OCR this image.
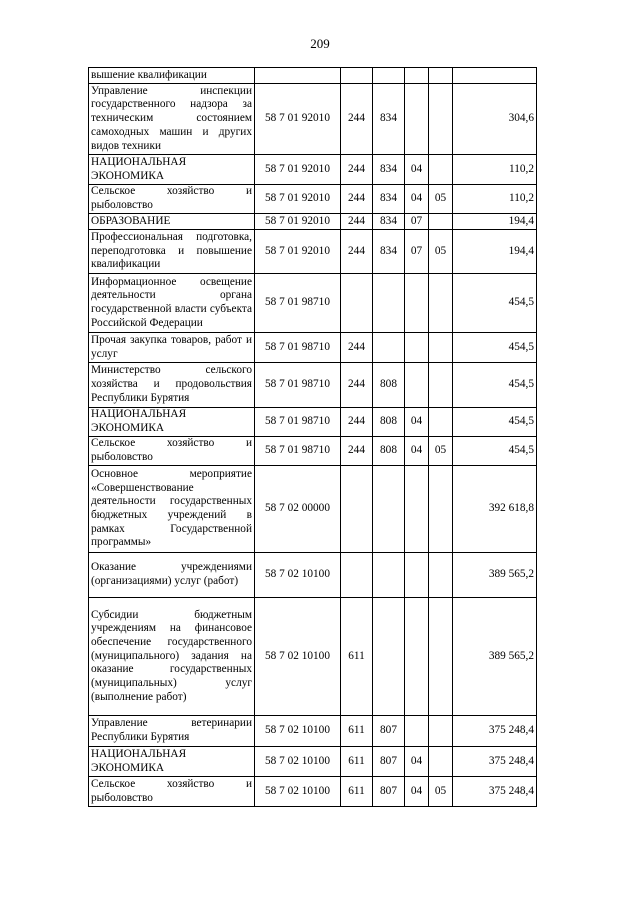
209
вышение квалификации						
Управление инспекции государственного надзора за техническим состоянием самоходных машин и других видов техники	58 7 01 92010	244	834			304,6
НАЦИОНАЛЬНАЯ ЭКОНОМИКА	58 7 01 92010	244	834	04		110,2
Сельское хозяйство и рыболовство	58 7 01 92010	244	834	04	05	110,2
ОБРАЗОВАНИЕ	58 7 01 92010	244	834	07		194,4
Профессиональная подготовка, переподготовка и повышение квалификации	58 7 01 92010	244	834	07	05	194,4
Информационное освещение деятельности органа государственной власти субъекта Российской Федерации	58 7 01 98710					454,5
Прочая закупка товаров, работ и услуг	58 7 01 98710	244				454,5
Министерство сельского хозяйства и продовольствия Республики Бурятия	58 7 01 98710	244	808			454,5
НАЦИОНАЛЬНАЯ ЭКОНОМИКА	58 7 01 98710	244	808	04		454,5
Сельское хозяйство и рыболовство	58 7 01 98710	244	808	04	05	454,5
Основное мероприятие «Совершенствование деятельности государственных бюджетных учреждений в рамках Государственной программы»	58 7 02 00000					392 618,8
Оказание учреждениями (организациями) услуг (работ)	58 7 02 10100					389 565,2
Субсидии бюджетным учреждениям на финансовое обеспечение государственного (муниципального) задания на оказание государственных (муниципальных) услуг (выполнение работ)	58 7 02 10100	611				389 565,2
Управление ветеринарии Республики Бурятия	58 7 02 10100	611	807			375 248,4
НАЦИОНАЛЬНАЯ ЭКОНОМИКА	58 7 02 10100	611	807	04		375 248,4
Сельское хозяйство и рыболовство	58 7 02 10100	611	807	04	05	375 248,4
